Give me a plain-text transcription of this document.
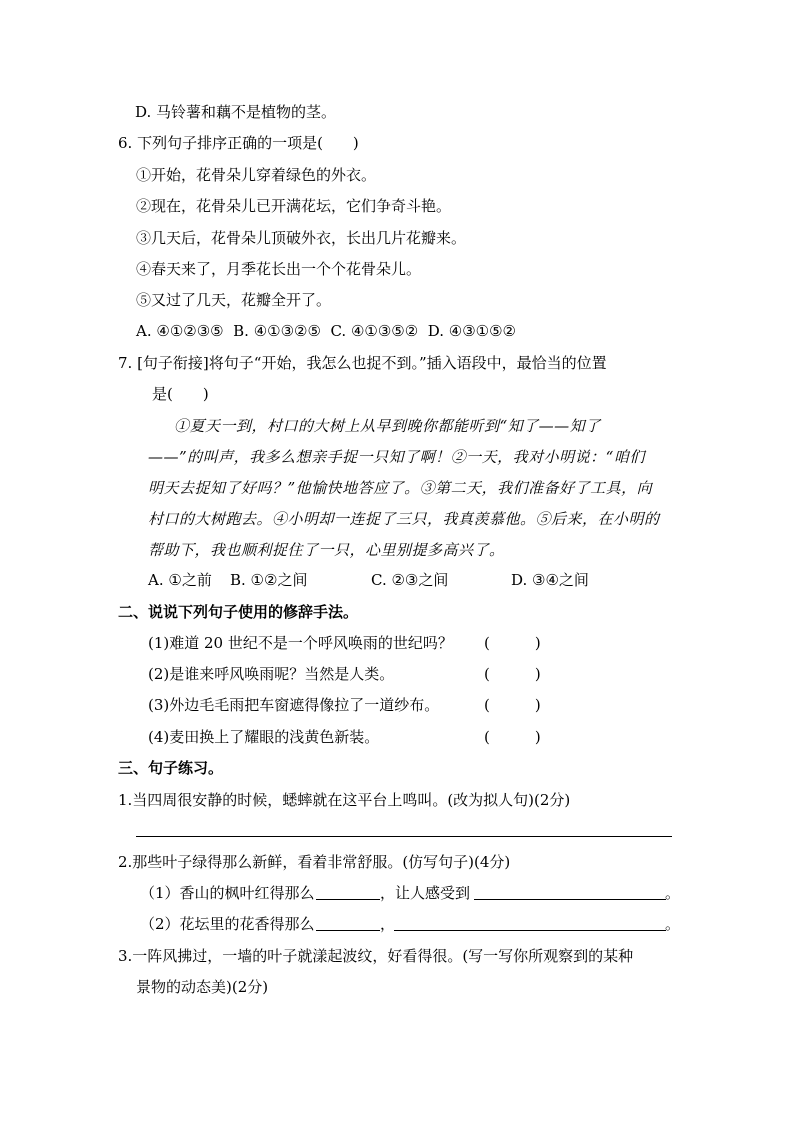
D. 马铃薯和藕不是植物的茎。
6. 下列句子排序正确的一项是(　　)
①开始，花骨朵儿穿着绿色的外衣。
②现在，花骨朵儿已开满花坛，它们争奇斗艳。
③几天后，花骨朵儿顶破外衣，长出几片花瓣来。
④春天来了，月季花长出一个个花骨朵儿。
⑤又过了几天，花瓣全开了。
A. ④①②③⑤  B. ④①③②⑤  C. ④①③⑤②  D. ④③①⑤②
7. [句子衔接]将句子“开始，我怎么也捉不到。”插入语段中，最恰当的位置
是(　　)
①夏天一到，村口的大树上从早到晚你都能听到“知了——知了
——”的叫声，我多么想亲手捉一只知了啊！②一天，我对小明说：“咱们
明天去捉知了好吗？”他愉快地答应了。③第二天，我们准备好了工具，向
村口的大树跑去。④小明却一连捉了三只，我真羡慕他。⑤后来，在小明的
帮助下，我也顺利捉住了一只，心里别提多高兴了。
A. ①之前 B. ①②之间	C. ②③之间	D. ③④之间
二、说说下列句子使用的修辞手法。
(1)难道 20 世纪不是一个呼风唤雨的世纪吗？ (　　　)
(2)是谁来呼风唤雨呢？当然是人类。	(　　　)
(3)外边毛毛雨把车窗遮得像拉了一道纱布。	(　　　)
(4)麦田换上了耀眼的浅黄色新装。	(　　　)
三、句子练习。
1.当四周很安静的时候，蟋蟀就在这平台上鸣叫。(改为拟人句)(2分)
2.那些叶子绿得那么新鲜，看着非常舒服。(仿写句子)(4分)
（1）香山的枫叶红得那么	，让人感受到	。
（2）花坛里的花香得那么	，	。
3.一阵风拂过，一墙的叶子就漾起波纹，好看得很。(写一写你所观察到的某种
景物的动态美)(2分)
